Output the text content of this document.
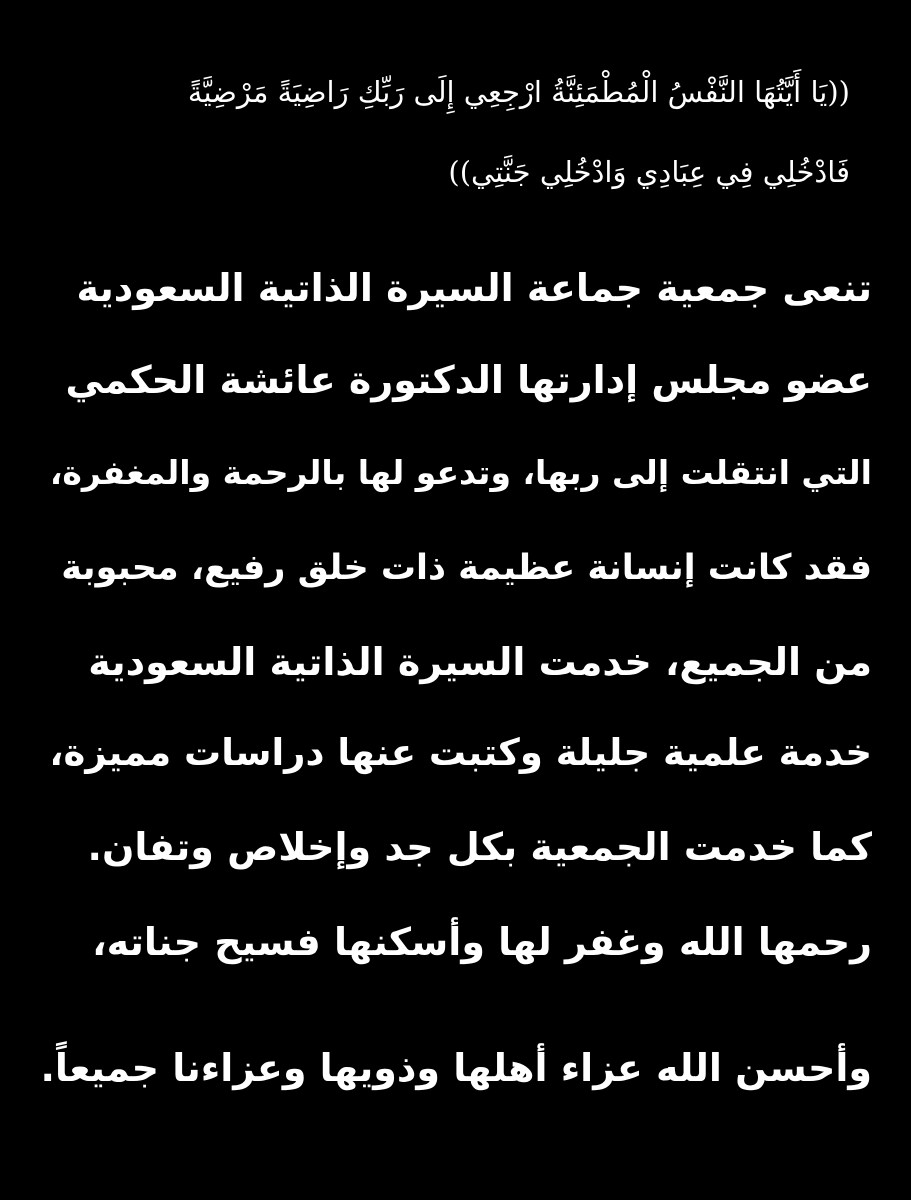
((يَا أَيَّتُهَا النَّفْسُ الْمُطْمَئِنَّةُ ارْجِعِي إِلَى رَبِّكِ رَاضِيَةً مَرْضِيَّةً
فَادْخُلِي فِي عِبَادِي وَادْخُلِي جَنَّتِي))
تنعى جمعية جماعة السيرة الذاتية السعودية
عضو مجلس إدارتها الدكتورة عائشة الحكمي
التي انتقلت إلى ربها، وتدعو لها بالرحمة والمغفرة،
فقد كانت إنسانة عظيمة ذات خلق رفيع، محبوبة
من الجميع، خدمت السيرة الذاتية السعودية
خدمة علمية جليلة وكتبت عنها دراسات مميزة،
كما خدمت الجمعية بكل جد وإخلاص وتفان.
رحمها الله وغفر لها وأسكنها فسيح جناته،
وأحسن الله عزاء أهلها وذويها وعزاءنا جميعاً.
